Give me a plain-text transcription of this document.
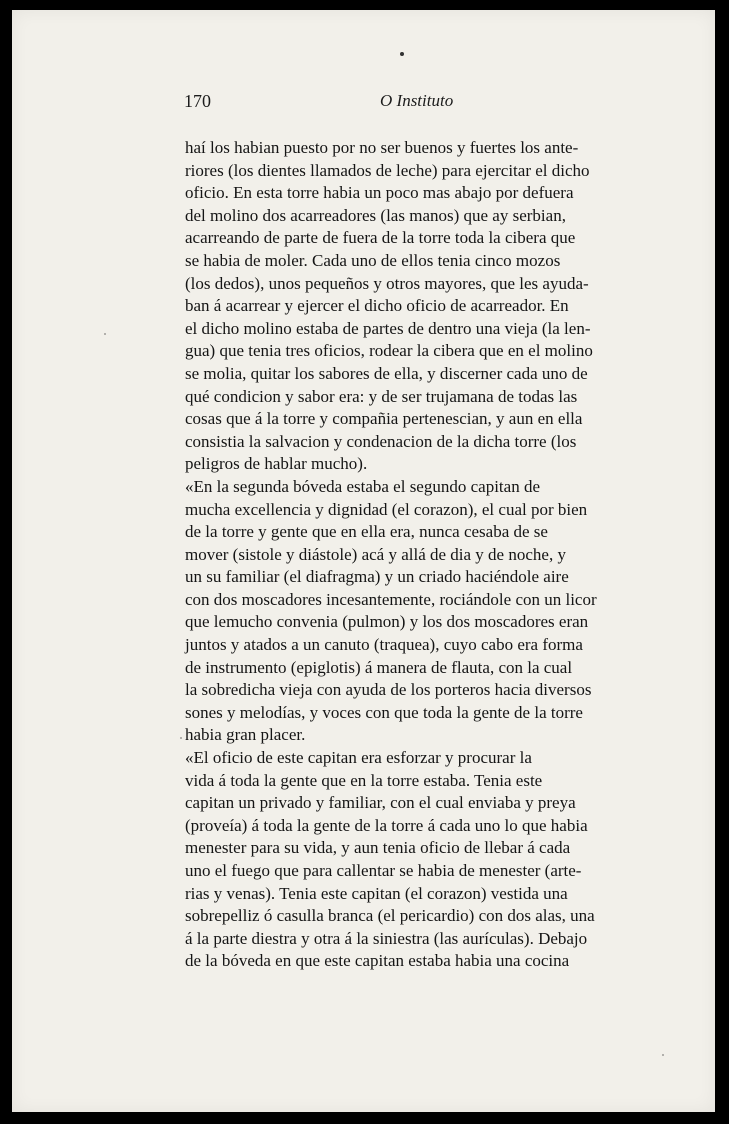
170	O Instituto

haí los habian puesto por no ser buenos y fuertes los ante-
riores (los dientes llamados de leche) para ejercitar el dicho
oficio. En esta torre habia un poco mas abajo por defuera
del molino dos acarreadores (las manos) que ay serbian,
acarreando de parte de fuera de la torre toda la cibera que
se habia de moler. Cada uno de ellos tenia cinco mozos
(los dedos), unos pequeños y otros mayores, que les ayuda-
ban á acarrear y ejercer el dicho oficio de acarreador. En
el dicho molino estaba de partes de dentro una vieja (la len-
gua) que tenia tres oficios, rodear la cibera que en el molino
se molia, quitar los sabores de ella, y discerner cada uno de
qué condicion y sabor era: y de ser trujamana de todas las
cosas que á la torre y compañia pertenescian, y aun en ella
consistia la salvacion y condenacion de la dicha torre (los
peligros de hablar mucho).

«En la segunda bóveda estaba el segundo capitan de
mucha excellencia y dignidad (el corazon), el cual por bien
de la torre y gente que en ella era, nunca cesaba de se
mover (sistole y diástole) acá y allá de dia y de noche, y
un su familiar (el diafragma) y un criado haciéndole aire
con dos moscadores incesantemente, rociándole con un licor
que lemucho convenia (pulmon) y los dos moscadores eran
juntos y atados a un canuto (traquea), cuyo cabo era forma
de instrumento (epiglotis) á manera de flauta, con la cual
la sobredicha vieja con ayuda de los porteros hacia diversos
sones y melodías, y voces con que toda la gente de la torre
habia gran placer.

«El oficio de este capitan era esforzar y procurar la
vida á toda la gente que en la torre estaba. Tenia este
capitan un privado y familiar, con el cual enviaba y preya
(proveía) á toda la gente de la torre á cada uno lo que habia
menester para su vida, y aun tenia oficio de llebar á cada
uno el fuego que para callentar se habia de menester (arte-
rias y venas). Tenia este capitan (el corazon) vestida una
sobrepelliz ó casulla branca (el pericardio) con dos alas, una
á la parte diestra y otra á la siniestra (las aurículas). Debajo
de la bóveda en que este capitan estaba habia una cocina
